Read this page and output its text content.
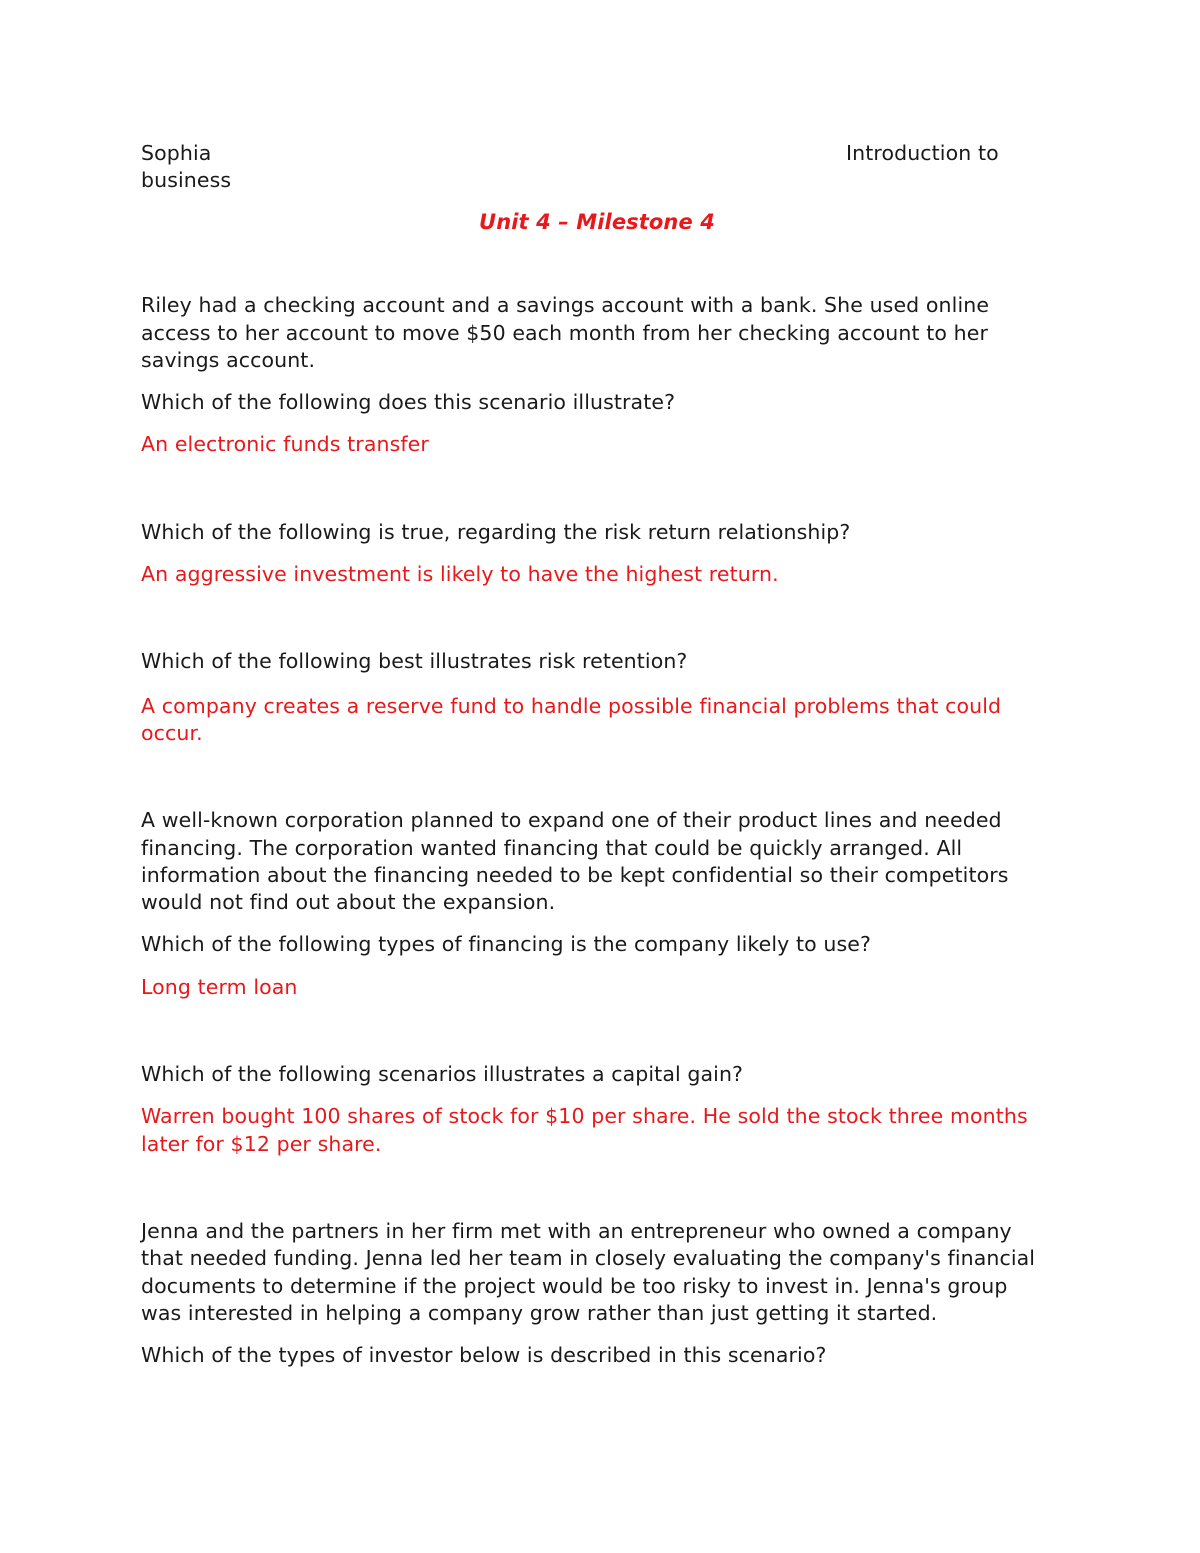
Sophia	Introduction to

business

Unit 4 – Milestone 4

Riley had a checking account and a savings account with a bank. She used online access to her account to move $50 each month from her checking account to her savings account.

Which of the following does this scenario illustrate?

An electronic funds transfer

Which of the following is true, regarding the risk return relationship?

An aggressive investment is likely to have the highest return.

Which of the following best illustrates risk retention?

A company creates a reserve fund to handle possible financial problems that could occur.

A well-known corporation planned to expand one of their product lines and needed financing. The corporation wanted financing that could be quickly arranged. All information about the financing needed to be kept confidential so their competitors would not find out about the expansion.

Which of the following types of financing is the company likely to use?

Long term loan

Which of the following scenarios illustrates a capital gain?

Warren bought 100 shares of stock for $10 per share. He sold the stock three months later for $12 per share.

Jenna and the partners in her firm met with an entrepreneur who owned a company that needed funding. Jenna led her team in closely evaluating the company's financial documents to determine if the project would be too risky to invest in. Jenna's group was interested in helping a company grow rather than just getting it started.

Which of the types of investor below is described in this scenario?
